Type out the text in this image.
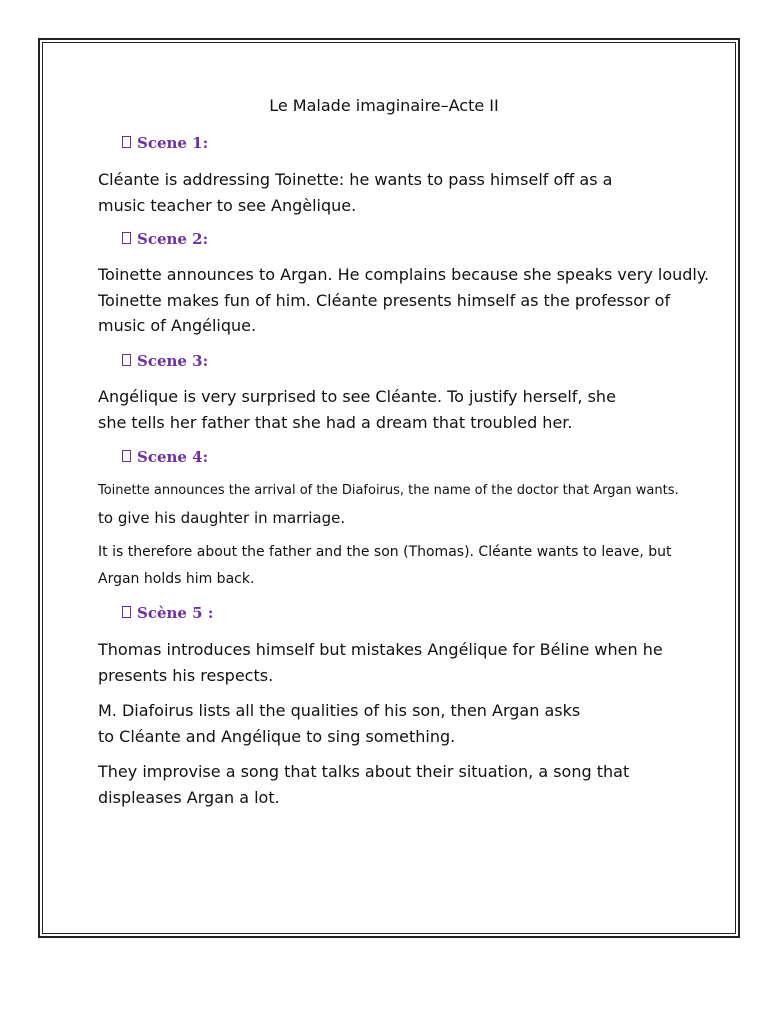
Le Malade imaginaire–Acte II
Scene 1:
Cléante is addressing Toinette: he wants to pass himself off as a
music teacher to see Angèlique.
Scene 2:
Toinette announces to Argan. He complains because she speaks very loudly.
Toinette makes fun of him. Cléante presents himself as the professor of
music of Angélique.
Scene 3:
Angélique is very surprised to see Cléante. To justify herself, she
she tells her father that she had a dream that troubled her.
Scene 4:
Toinette announces the arrival of the Diafoirus, the name of the doctor that Argan wants.
to give his daughter in marriage.
It is therefore about the father and the son (Thomas). Cléante wants to leave, but
Argan holds him back.
Scène 5 :
Thomas introduces himself but mistakes Angélique for Béline when he
presents his respects.
M. Diafoirus lists all the qualities of his son, then Argan asks
to Cléante and Angélique to sing something.
They improvise a song that talks about their situation, a song that
displeases Argan a lot.
